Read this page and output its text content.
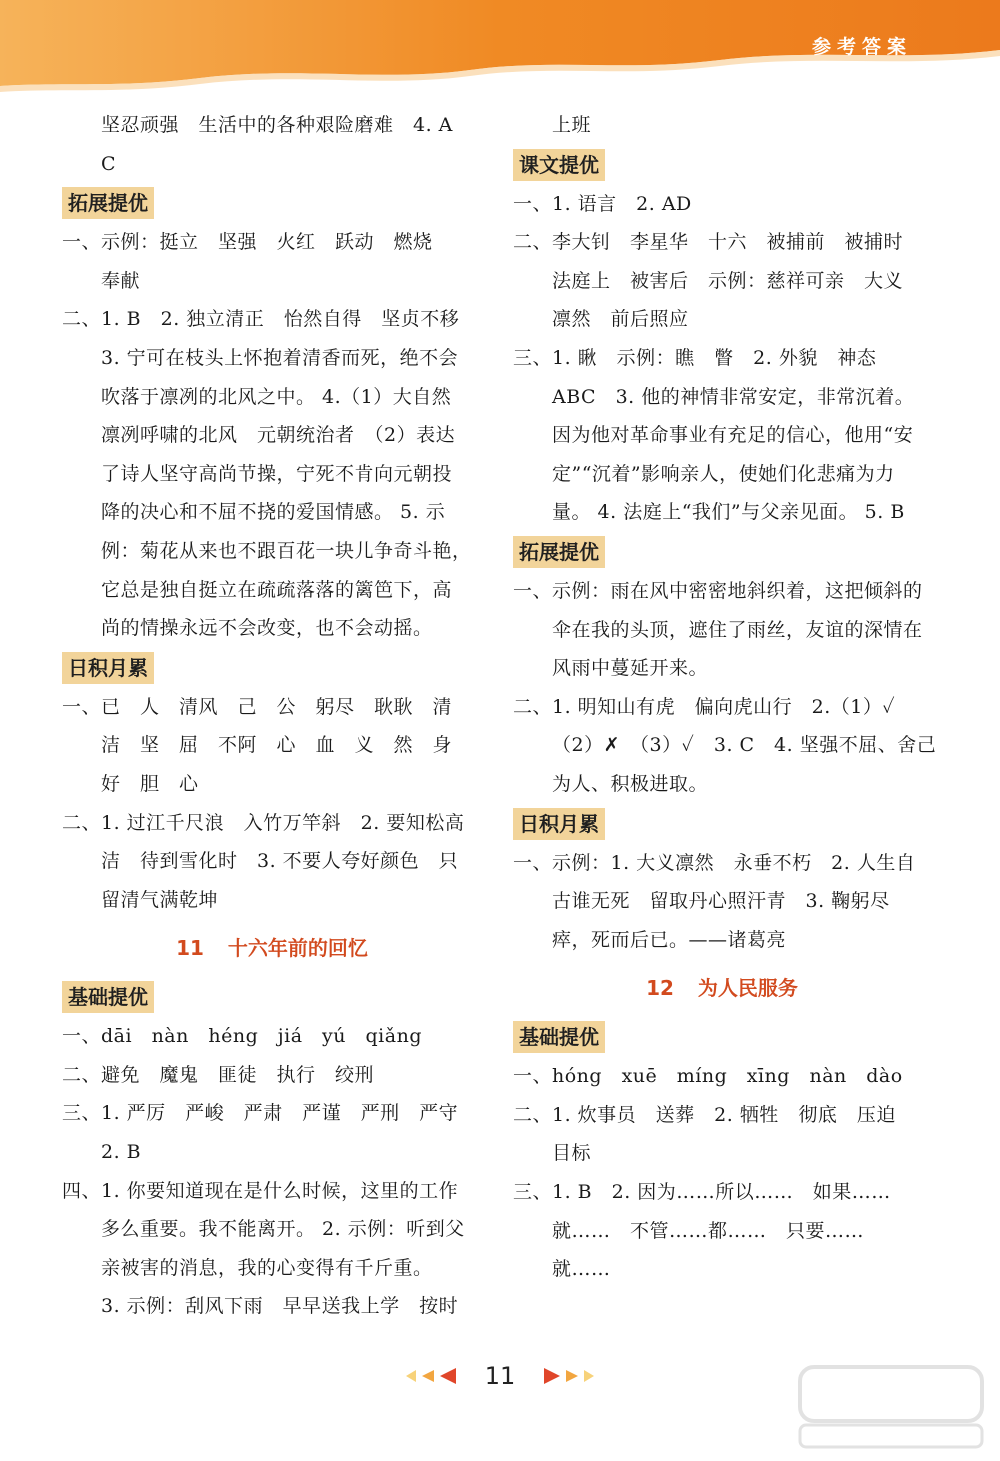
参考答案
坚忍顽强　生活中的各种艰险磨难　4. A
C
拓展提优
一、示例：挺立　坚强　火红　跃动　燃烧
奉献
二、1. B　2. 独立清正　怡然自得　坚贞不移
3. 宁可在枝头上怀抱着清香而死，绝不会
吹落于凛冽的北风之中。 4.（1）大自然
凛冽呼啸的北风　元朝统治者　（2）表达
了诗人坚守高尚节操，宁死不肯向元朝投
降的决心和不屈不挠的爱国情感。 5. 示
例：菊花从来也不跟百花一块儿争奇斗艳，
它总是独自挺立在疏疏落落的篱笆下，高
尚的情操永远不会改变，也不会动摇。
日积月累
一、已　人　清风　己　公　躬尽　耿耿　清
洁　坚　屈　不阿　心　血　义　然　身
好　胆　心
二、1. 过江千尺浪　入竹万竿斜　2. 要知松高
洁　待到雪化时　3. 不要人夸好颜色　只
留清气满乾坤
11 十六年前的回忆
基础提优
一、dāi　nàn　héng　jiá　yú　qiǎng
二、避免　魔鬼　匪徒　执行　绞刑
三、1. 严厉　严峻　严肃　严谨　严刑　严守
2. B
四、1. 你要知道现在是什么时候，这里的工作
多么重要。我不能离开。 2. 示例：听到父
亲被害的消息，我的心变得有千斤重。
3. 示例：刮风下雨　早早送我上学　按时
上班
课文提优
一、1. 语言　2. AD
二、李大钊　李星华　十六　被捕前　被捕时
法庭上　被害后　示例：慈祥可亲　大义
凛然　前后照应
三、1. 瞅　示例：瞧　瞥　2. 外貌　神态
ABC　3. 他的神情非常安定，非常沉着。
因为他对革命事业有充足的信心，他用“安
定”“沉着”影响亲人，使她们化悲痛为力
量。 4. 法庭上“我们”与父亲见面。 5. B
拓展提优
一、示例：雨在风中密密地斜织着，这把倾斜的
伞在我的头顶，遮住了雨丝，友谊的深情在
风雨中蔓延开来。
二、1. 明知山有虎　偏向虎山行　2.（1）✓
（2）✗　（3）✓　3. C　4. 坚强不屈、舍己
为人、积极进取。
日积月累
一、示例：1. 大义凛然　永垂不朽　2. 人生自
古谁无死　留取丹心照汗青　3. 鞠躬尽
瘁，死而后已。——诸葛亮
12 为人民服务
基础提优
一、hóng　xuē　míng　xīng　nàn　dào
二、1. 炊事员　送葬　2. 牺牲　彻底　压迫
目标
三、1. B　2. 因为……所以……　如果……
就……　不管……都……　只要……
就……
11
